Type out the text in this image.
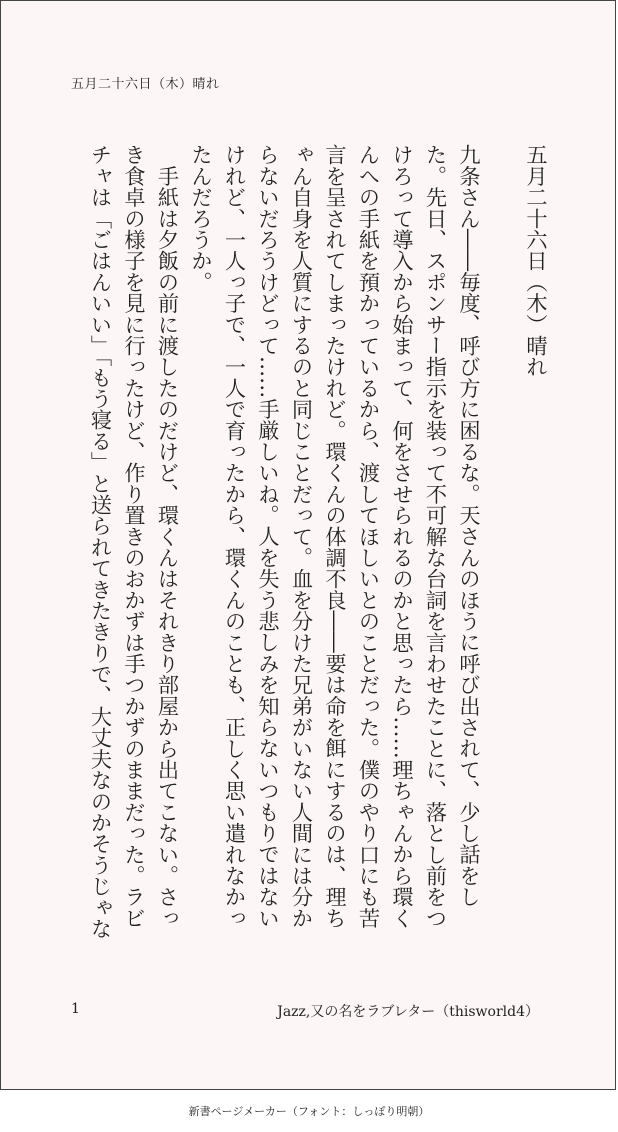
五月二十六日（木）晴れ
五月二十六日（木）晴れ

九条さん――毎度、呼び方に困るな。天さんのほうに呼び出されて、少し話をし
た。先日、スポンサー指示を装って不可解な台詞を言わせたことに、落とし前をつ
けろって導入から始まって、何をさせられるのかと思ったら……理ちゃんから環く
んへの手紙を預かっているから、渡してほしいとのことだった。僕のやり口にも苦
言を呈されてしまったけれど。環くんの体調不良――要は命を餌にするのは、理ち
ゃん自身を人質にするのと同じことだって。血を分けた兄弟がいない人間には分か
らないだろうけどって……手厳しいね。人を失う悲しみを知らないつもりではない
けれど、一人っ子で、一人で育ったから、環くんのことも、正しく思い遣れなかっ
たんだろうか。
　手紙は夕飯の前に渡したのだけど、環くんはそれきり部屋から出てこない。さっ
き食卓の様子を見に行ったけど、作り置きのおかずは手つかずのままだった。ラビ
チャは「ごはんいい」「もう寝る」と送られてきたきりで、大丈夫なのかそうじゃな
1	Jazz,又の名をラブレター（thisworld4）
新書ページメーカー（フォント：しっぽり明朝）
